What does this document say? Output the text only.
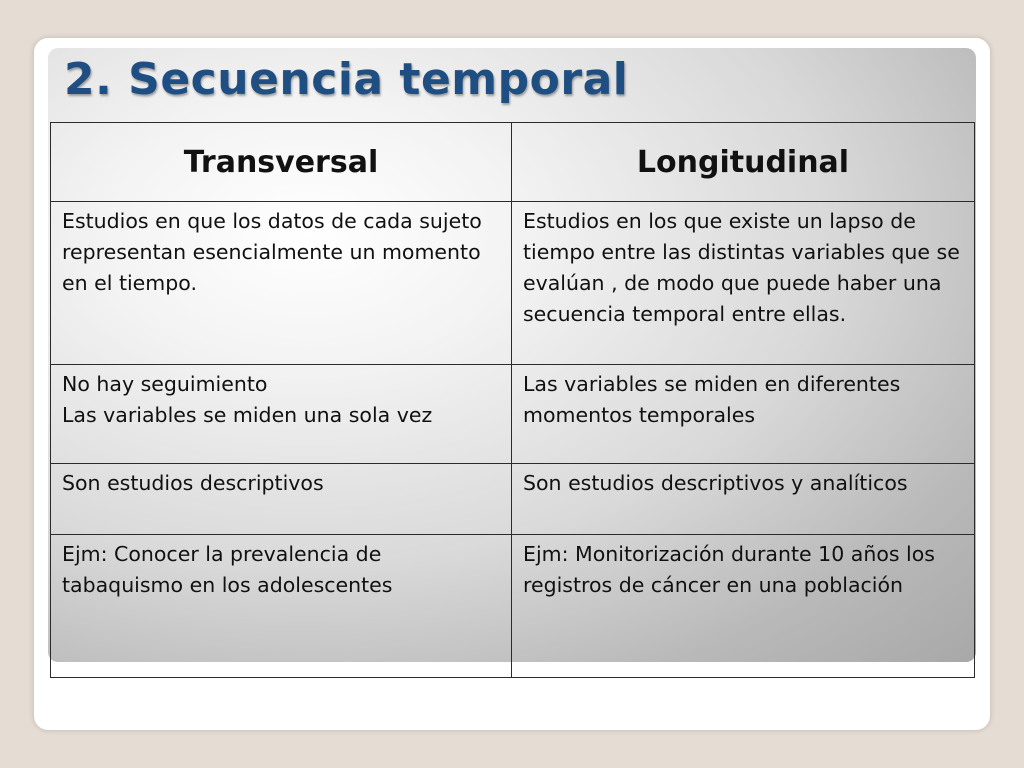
2. Secuencia temporal
Transversal	Longitudinal

Estudios en que los datos de cada sujeto representan esencialmente un momento en el tiempo.	Estudios en los que existe un lapso de tiempo entre las distintas variables que se evalúan , de modo que puede haber una secuencia temporal entre ellas.

No hay seguimiento
Las variables se miden una sola vez	Las variables se miden en diferentes momentos temporales

Son estudios descriptivos	Son estudios descriptivos y analíticos

Ejm: Conocer la prevalencia de tabaquismo en los adolescentes	Ejm: Monitorización durante 10 años los registros de cáncer en una población
